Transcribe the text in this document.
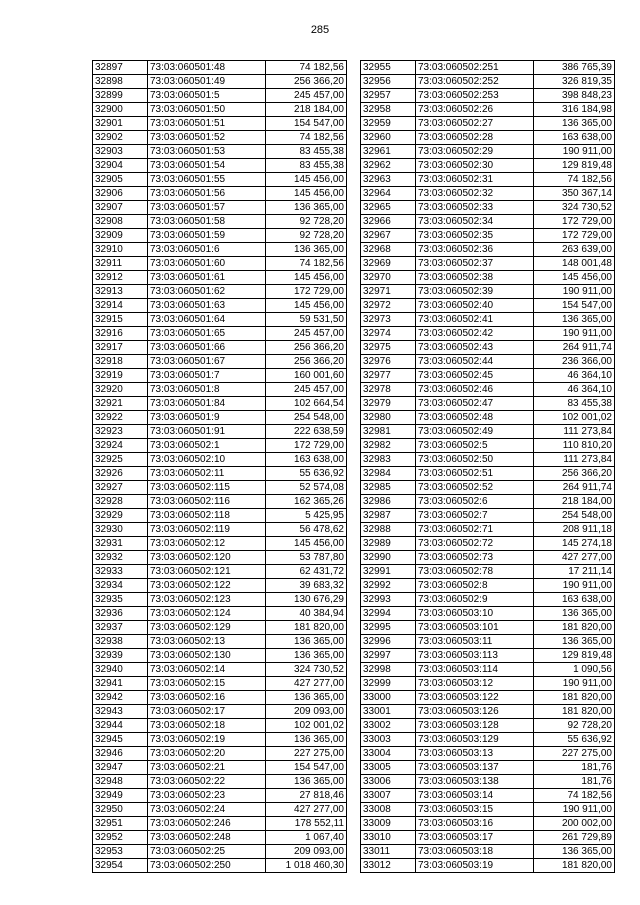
285
32897	73:03:060501:48	74 182,56
32898	73:03:060501:49	256 366,20
32899	73:03:060501:5	245 457,00
32900	73:03:060501:50	218 184,00
32901	73:03:060501:51	154 547,00
32902	73:03:060501:52	74 182,56
32903	73:03:060501:53	83 455,38
32904	73:03:060501:54	83 455,38
32905	73:03:060501:55	145 456,00
32906	73:03:060501:56	145 456,00
32907	73:03:060501:57	136 365,00
32908	73:03:060501:58	92 728,20
32909	73:03:060501:59	92 728,20
32910	73:03:060501:6	136 365,00
32911	73:03:060501:60	74 182,56
32912	73:03:060501:61	145 456,00
32913	73:03:060501:62	172 729,00
32914	73:03:060501:63	145 456,00
32915	73:03:060501:64	59 531,50
32916	73:03:060501:65	245 457,00
32917	73:03:060501:66	256 366,20
32918	73:03:060501:67	256 366,20
32919	73:03:060501:7	160 001,60
32920	73:03:060501:8	245 457,00
32921	73:03:060501:84	102 664,54
32922	73:03:060501:9	254 548,00
32923	73:03:060501:91	222 638,59
32924	73:03:060502:1	172 729,00
32925	73:03:060502:10	163 638,00
32926	73:03:060502:11	55 636,92
32927	73:03:060502:115	52 574,08
32928	73:03:060502:116	162 365,26
32929	73:03:060502:118	5 425,95
32930	73:03:060502:119	56 478,62
32931	73:03:060502:12	145 456,00
32932	73:03:060502:120	53 787,80
32933	73:03:060502:121	62 431,72
32934	73:03:060502:122	39 683,32
32935	73:03:060502:123	130 676,29
32936	73:03:060502:124	40 384,94
32937	73:03:060502:129	181 820,00
32938	73:03:060502:13	136 365,00
32939	73:03:060502:130	136 365,00
32940	73:03:060502:14	324 730,52
32941	73:03:060502:15	427 277,00
32942	73:03:060502:16	136 365,00
32943	73:03:060502:17	209 093,00
32944	73:03:060502:18	102 001,02
32945	73:03:060502:19	136 365,00
32946	73:03:060502:20	227 275,00
32947	73:03:060502:21	154 547,00
32948	73:03:060502:22	136 365,00
32949	73:03:060502:23	27 818,46
32950	73:03:060502:24	427 277,00
32951	73:03:060502:246	178 552,11
32952	73:03:060502:248	1 067,40
32953	73:03:060502:25	209 093,00
32954	73:03:060502:250	1 018 460,30
32955	73:03:060502:251	386 765,39
32956	73:03:060502:252	326 819,35
32957	73:03:060502:253	398 848,23
32958	73:03:060502:26	316 184,98
32959	73:03:060502:27	136 365,00
32960	73:03:060502:28	163 638,00
32961	73:03:060502:29	190 911,00
32962	73:03:060502:30	129 819,48
32963	73:03:060502:31	74 182,56
32964	73:03:060502:32	350 367,14
32965	73:03:060502:33	324 730,52
32966	73:03:060502:34	172 729,00
32967	73:03:060502:35	172 729,00
32968	73:03:060502:36	263 639,00
32969	73:03:060502:37	148 001,48
32970	73:03:060502:38	145 456,00
32971	73:03:060502:39	190 911,00
32972	73:03:060502:40	154 547,00
32973	73:03:060502:41	136 365,00
32974	73:03:060502:42	190 911,00
32975	73:03:060502:43	264 911,74
32976	73:03:060502:44	236 366,00
32977	73:03:060502:45	46 364,10
32978	73:03:060502:46	46 364,10
32979	73:03:060502:47	83 455,38
32980	73:03:060502:48	102 001,02
32981	73:03:060502:49	111 273,84
32982	73:03:060502:5	110 810,20
32983	73:03:060502:50	111 273,84
32984	73:03:060502:51	256 366,20
32985	73:03:060502:52	264 911,74
32986	73:03:060502:6	218 184,00
32987	73:03:060502:7	254 548,00
32988	73:03:060502:71	208 911,18
32989	73:03:060502:72	145 274,18
32990	73:03:060502:73	427 277,00
32991	73:03:060502:78	17 211,14
32992	73:03:060502:8	190 911,00
32993	73:03:060502:9	163 638,00
32994	73:03:060503:10	136 365,00
32995	73:03:060503:101	181 820,00
32996	73:03:060503:11	136 365,00
32997	73:03:060503:113	129 819,48
32998	73:03:060503:114	1 090,56
32999	73:03:060503:12	190 911,00
33000	73:03:060503:122	181 820,00
33001	73:03:060503:126	181 820,00
33002	73:03:060503:128	92 728,20
33003	73:03:060503:129	55 636,92
33004	73:03:060503:13	227 275,00
33005	73:03:060503:137	181,76
33006	73:03:060503:138	181,76
33007	73:03:060503:14	74 182,56
33008	73:03:060503:15	190 911,00
33009	73:03:060503:16	200 002,00
33010	73:03:060503:17	261 729,89
33011	73:03:060503:18	136 365,00
33012	73:03:060503:19	181 820,00
